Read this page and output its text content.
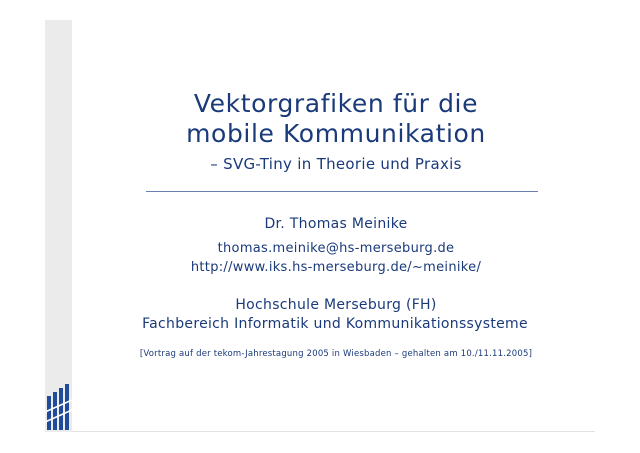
Vektorgrafiken für die
mobile Kommunikation
– SVG-Tiny in Theorie und Praxis
Dr. Thomas Meinike
thomas.meinike@hs-merseburg.de
http://www.iks.hs-merseburg.de/~meinike/
Hochschule Merseburg (FH)
Fachbereich Informatik und Kommunikationssysteme
[Vortrag auf der tekom-Jahrestagung 2005 in Wiesbaden – gehalten am 10./11.11.2005]
